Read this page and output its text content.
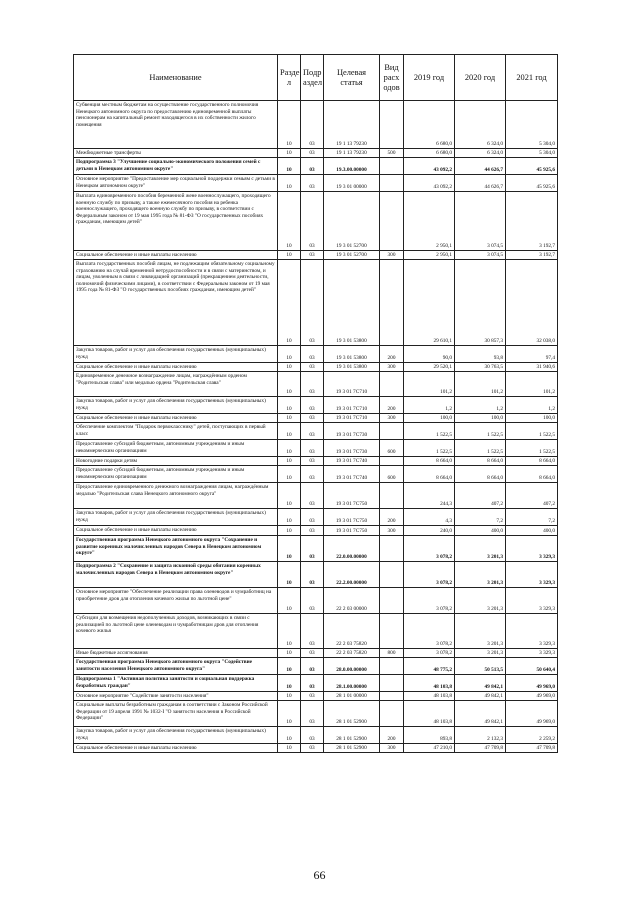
Наименование	Разде л	Подр аздел	Целевая статья	Вид расх одов	2019 год	2020 год	2021 год
Субвенция местным бюджетам на осуществление государственного полномочия Ненецкого автономного округа по предоставлению единовременной выплаты пенсионерам на капитальный ремонт находящегося в их собственности жилого помещения	10	03	19 1 13 79230		6 680,0	6 324,0	5 304,0
Межбюджетные трансферты	10	03	19 1 13 79230	500	6 680,0	6 324,0	5 304,0
Подпрограмма 3 "Улучшение социально-экономического положения семей с детьми в Ненецком автономном округе"	10	03	19.3.00.00000		43 092,2	44 626,7	45 925,6
Основное мероприятие "Предоставление мер социальной поддержки семьям с детьми в Ненецком автономном округе"	10	03	19 3 01 00000		43 092,2	44 626,7	45 925,6
Выплата единовременного пособия беременной жене военнослужащего, проходящего военную службу по призыву, а также ежемесячного пособия на ребенка военнослужащего, проходящего военную службу по призыву, в соответствии с Федеральным законом от 19 мая 1995 года № 81-ФЗ "О государственных пособиях гражданам, имеющим детей"	10	03	19 3 01 52700		2 950,1	3 074,5	3 192,7
Социальное обеспечение и иные выплаты населению	10	03	19 3 01 52700	300	2 950,1	3 074,5	3 192,7
Выплата государственных пособий лицам, не подлежащим обязательному социальному страхованию на случай временной нетрудоспособности и в связи с материнством, и лицам, уволенным в связи с ликвидацией организаций (прекращением деятельности, полномочий физическими лицами), в соответствии с Федеральным законом от 19 мая 1995 года № 81-ФЗ "О государственных пособиях гражданам, имеющим детей"	10	03	19 3 01 53800		29 610,1	30 857,3	32 038,0
Закупка товаров, работ и услуг для обеспечения государственных (муниципальных) нужд	10	03	19 3 01 53800	200	90,0	93,8	97,4
Социальное обеспечение и иные выплаты населению	10	03	19 3 01 53800	300	29 520,1	30 763,5	31 940,6
Единовременное денежное вознаграждение лицам, награждённым орденом "Родительская слава" или медалью ордена "Родительская слава"	10	03	19 3 01 7C710		101,2	101,2	101,2
Закупка товаров, работ и услуг для обеспечения государственных (муниципальных) нужд	10	03	19 3 01 7C710	200	1,2	1,2	1,2
Социальное обеспечение и иные выплаты населению	10	03	19 3 01 7C710	300	100,0	100,0	100,0
Обеспечение комплектом "Подарок первокласснику" детей, поступающих в первый класс	10	03	19 3 01 7C730		1 522,5	1 522,5	1 522,5
Предоставление субсидий бюджетным, автономным учреждениям и иным некоммерческим организациям	10	03	19 3 01 7C730	600	1 522,5	1 522,5	1 522,5
Новогодние подарки детям	10	03	19 3 01 7C740		8 664,0	8 664,0	8 664,0
Предоставление субсидий бюджетным, автономным учреждениям и иным некоммерческим организациям	10	03	19 3 01 7C740	600	8 664,0	8 664,0	8 664,0
Предоставление единовременного денежного вознаграждения лицам, награждённым медалью "Родительская слава Ненецкого автономного округа"	10	03	19 3 01 7C750		244,3	407,2	407,2
Закупка товаров, работ и услуг для обеспечения государственных (муниципальных) нужд	10	03	19 3 01 7C750	200	4,3	7,2	7,2
Социальное обеспечение и иные выплаты населению	10	03	19 3 01 7C750	300	240,0	400,0	400,0
Государственная программа Ненецкого автономного округа "Сохранение и развитие коренных малочисленных народов Севера в Ненецком автономном округе"	10	03	22.0.00.00000		3 078,2	3 201,3	3 329,3
Подпрограмма 2 "Сохранение и защита исконной среды обитания коренных малочисленных народов Севера в Ненецком автономном округе"	10	03	22.2.00.00000		3 078,2	3 201,3	3 329,3
Основное мероприятие "Обеспечение реализации права оленеводов и чумработниц на приобретение дров для отопления кочевого жилья по льготной цене"	10	03	22 2 03 00000		3 078,2	3 201,3	3 329,3
Субсидии для возмещения недополученных доходов, возникающих в связи с реализацией по льготной цене оленеводам и чумработницам дров для отопления кочевого жилья	10	03	22 2 03 75820		3 078,2	3 201,3	3 329,3
Иные бюджетные ассигнования	10	03	22 2 03 75820	800	3 078,2	3 201,3	3 329,3
Государственная программа Ненецкого автономного округа "Содействие занятости населения Ненецкого автономного округа"	10	03	28.0.00.00000		48 775,2	50 513,5	50 640,4
Подпрограмма 1 "Активная политика занятости и социальная поддержка безработных граждан"	10	03	28.1.00.00000		48 103,8	49 842,1	49 969,0
Основное мероприятие "Содействие занятости населения"	10	03	28 1 01 00000		48 103,8	49 842,1	49 969,0
Социальные выплаты безработным гражданам в соответствии с Законом Российской Федерации от 19 апреля 1991 № 1032-I "О занятости населения в Российской Федерации"	10	03	28 1 01 52900		48 103,8	49 842,1	49 969,0
Закупка товаров, работ и услуг для обеспечения государственных (муниципальных) нужд	10	03	28 1 01 52900	200	893,8	2 132,3	2 259,2
Социальное обеспечение и иные выплаты населению	10	03	28 1 01 52900	300	47 210,0	47 709,8	47 709,8
66
